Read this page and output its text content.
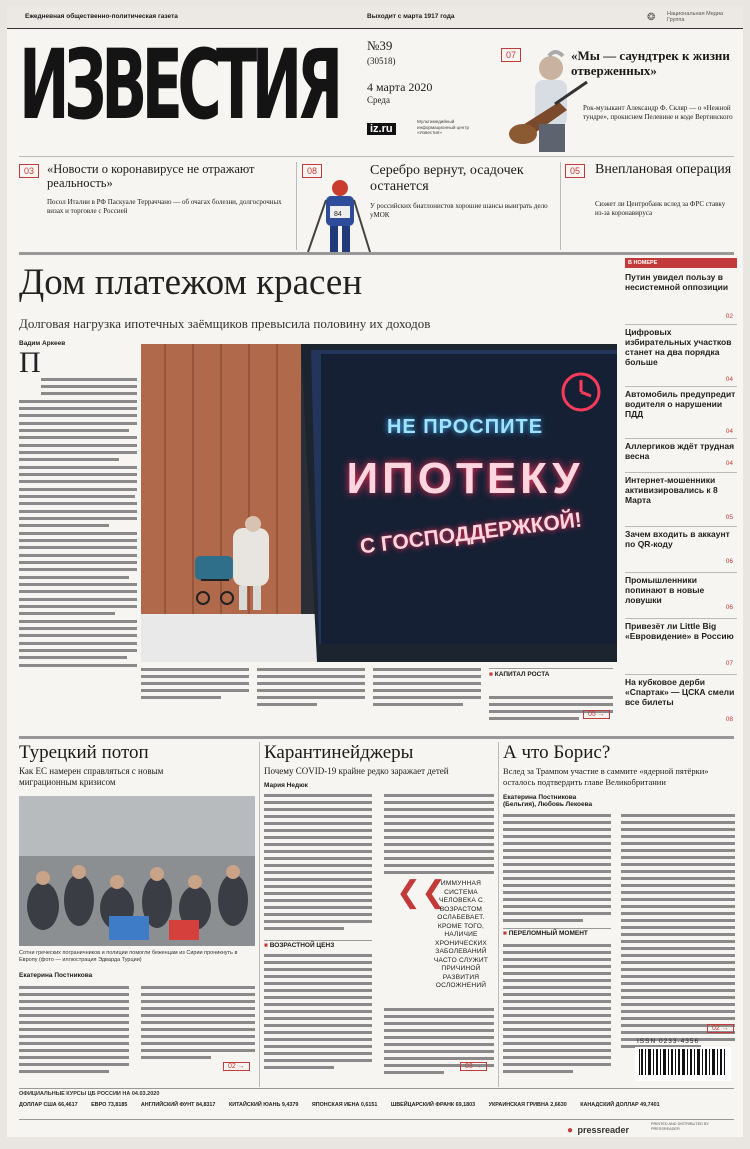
Ежедневная общественно-политическая газета	Выходит с марта 1917 года	❂ Национальная Медиа Группа
ИЗВЕСТИЯ №39
(30518)
4 марта 2020
Среда
iz.ru
Мультимедийный информационный центр «Известия»
07	«Мы — саундтрек к жизни отверженных»
Рок-музыкант Александр Ф. Скляр — о «Нежной тундре», прокиснем Пелевине и коде Вертинского
03	«Новости о коронавирусе не отражают реальность»
Посол Италии в РФ Паскуале Терраччано — об очагах болезни, долгосрочных визах и торговле с Россией
08
84
Серебро вернут, осадочек останется
У российских биатлонистов хорошие шансы выиграть дело уМОК
05	Внеплановая операция
Сюжет ли Центробанк вслед за ФРС ставку из-за коронавируса
Дом платежом красен
Долговая нагрузка ипотечных заёмщиков превысила половину их доходов
Вадим Аркеев
П
НЕ ПРОСПИТЕ
ИПОТЕКУ
С ГОСПОДДЕРЖКОЙ!
■ КАПИТАЛ РОСТА
05 →
В НОМЕРЕ
Путин увидел пользу в несистемной оппозиции
02
Цифровых избирательных участков станет на два порядка больше
04
Автомобиль предупредит водителя о нарушении ПДД
04
Аллергиков ждёт трудная весна
04
Интернет-мошенники активизировались к 8 Марта
05
Зачем входить в аккаунт по QR-коду
06
Промышленники попинают в новые ловушки
06
Привезёт ли Little Big «Евровидение» в Россию
07
На кубковое дерби «Спартак» — ЦСКА смели все билеты
08
Турецкий потоп
Как ЕС намерен справляться с новым миграционным кризисом
Сотни греческих пограничников и полиции помогли беженцам из Сирии проникнуть в Европу (фото — иллюстрация Эдварда Турции)
Екатерина Постникова
02 →
Карантинейджеры
Почему COVID-19 крайне редко заражает детей
Мария Недюк
■ ВОЗРАСТНОЙ ЦЕНЗ
❮❮
ИММУННАЯ СИСТЕМА ЧЕЛОВЕКА С ВОЗРАСТОМ ОСЛАБЕВАЕТ. КРОМЕ ТОГО, НАЛИЧИЕ ХРОНИЧЕСКИХ ЗАБОЛЕВАНИЙ ЧАСТО СЛУЖИТ ПРИЧИНОЙ РАЗВИТИЯ ОСЛОЖНЕНИЙ
03 →
А что Борис?
Вслед за Трампом участие в саммите «ядерной пятёрки» осталось подтвердить главе Великобритании
Екатерина Постникова (Бельгия), Любовь Лекоева
■ ПЕРЕЛОМНЫЙ МОМЕНТ
02 →
ISSN 0233-4356
ОФИЦИАЛЬНЫЕ КУРСЫ ЦБ РОССИИ НА 04.03.2020
ДОЛЛАР США 66,4617	ЕВРО 73,8185	АНГЛИЙСКИЙ ФУНТ 84,8317	КИТАЙСКИЙ ЮАНЬ 9,4379	ЯПОНСКАЯ ИЕНА 0,6151	ШВЕЙЦАРСКИЙ ФРАНК 69,1803	УКРАИНСКАЯ ГРИВНА 2,6630	КАНАДСКИЙ ДОЛЛАР 49,7401
● pressreader
PRINTED AND DISTRIBUTED BY PRESSREADER
